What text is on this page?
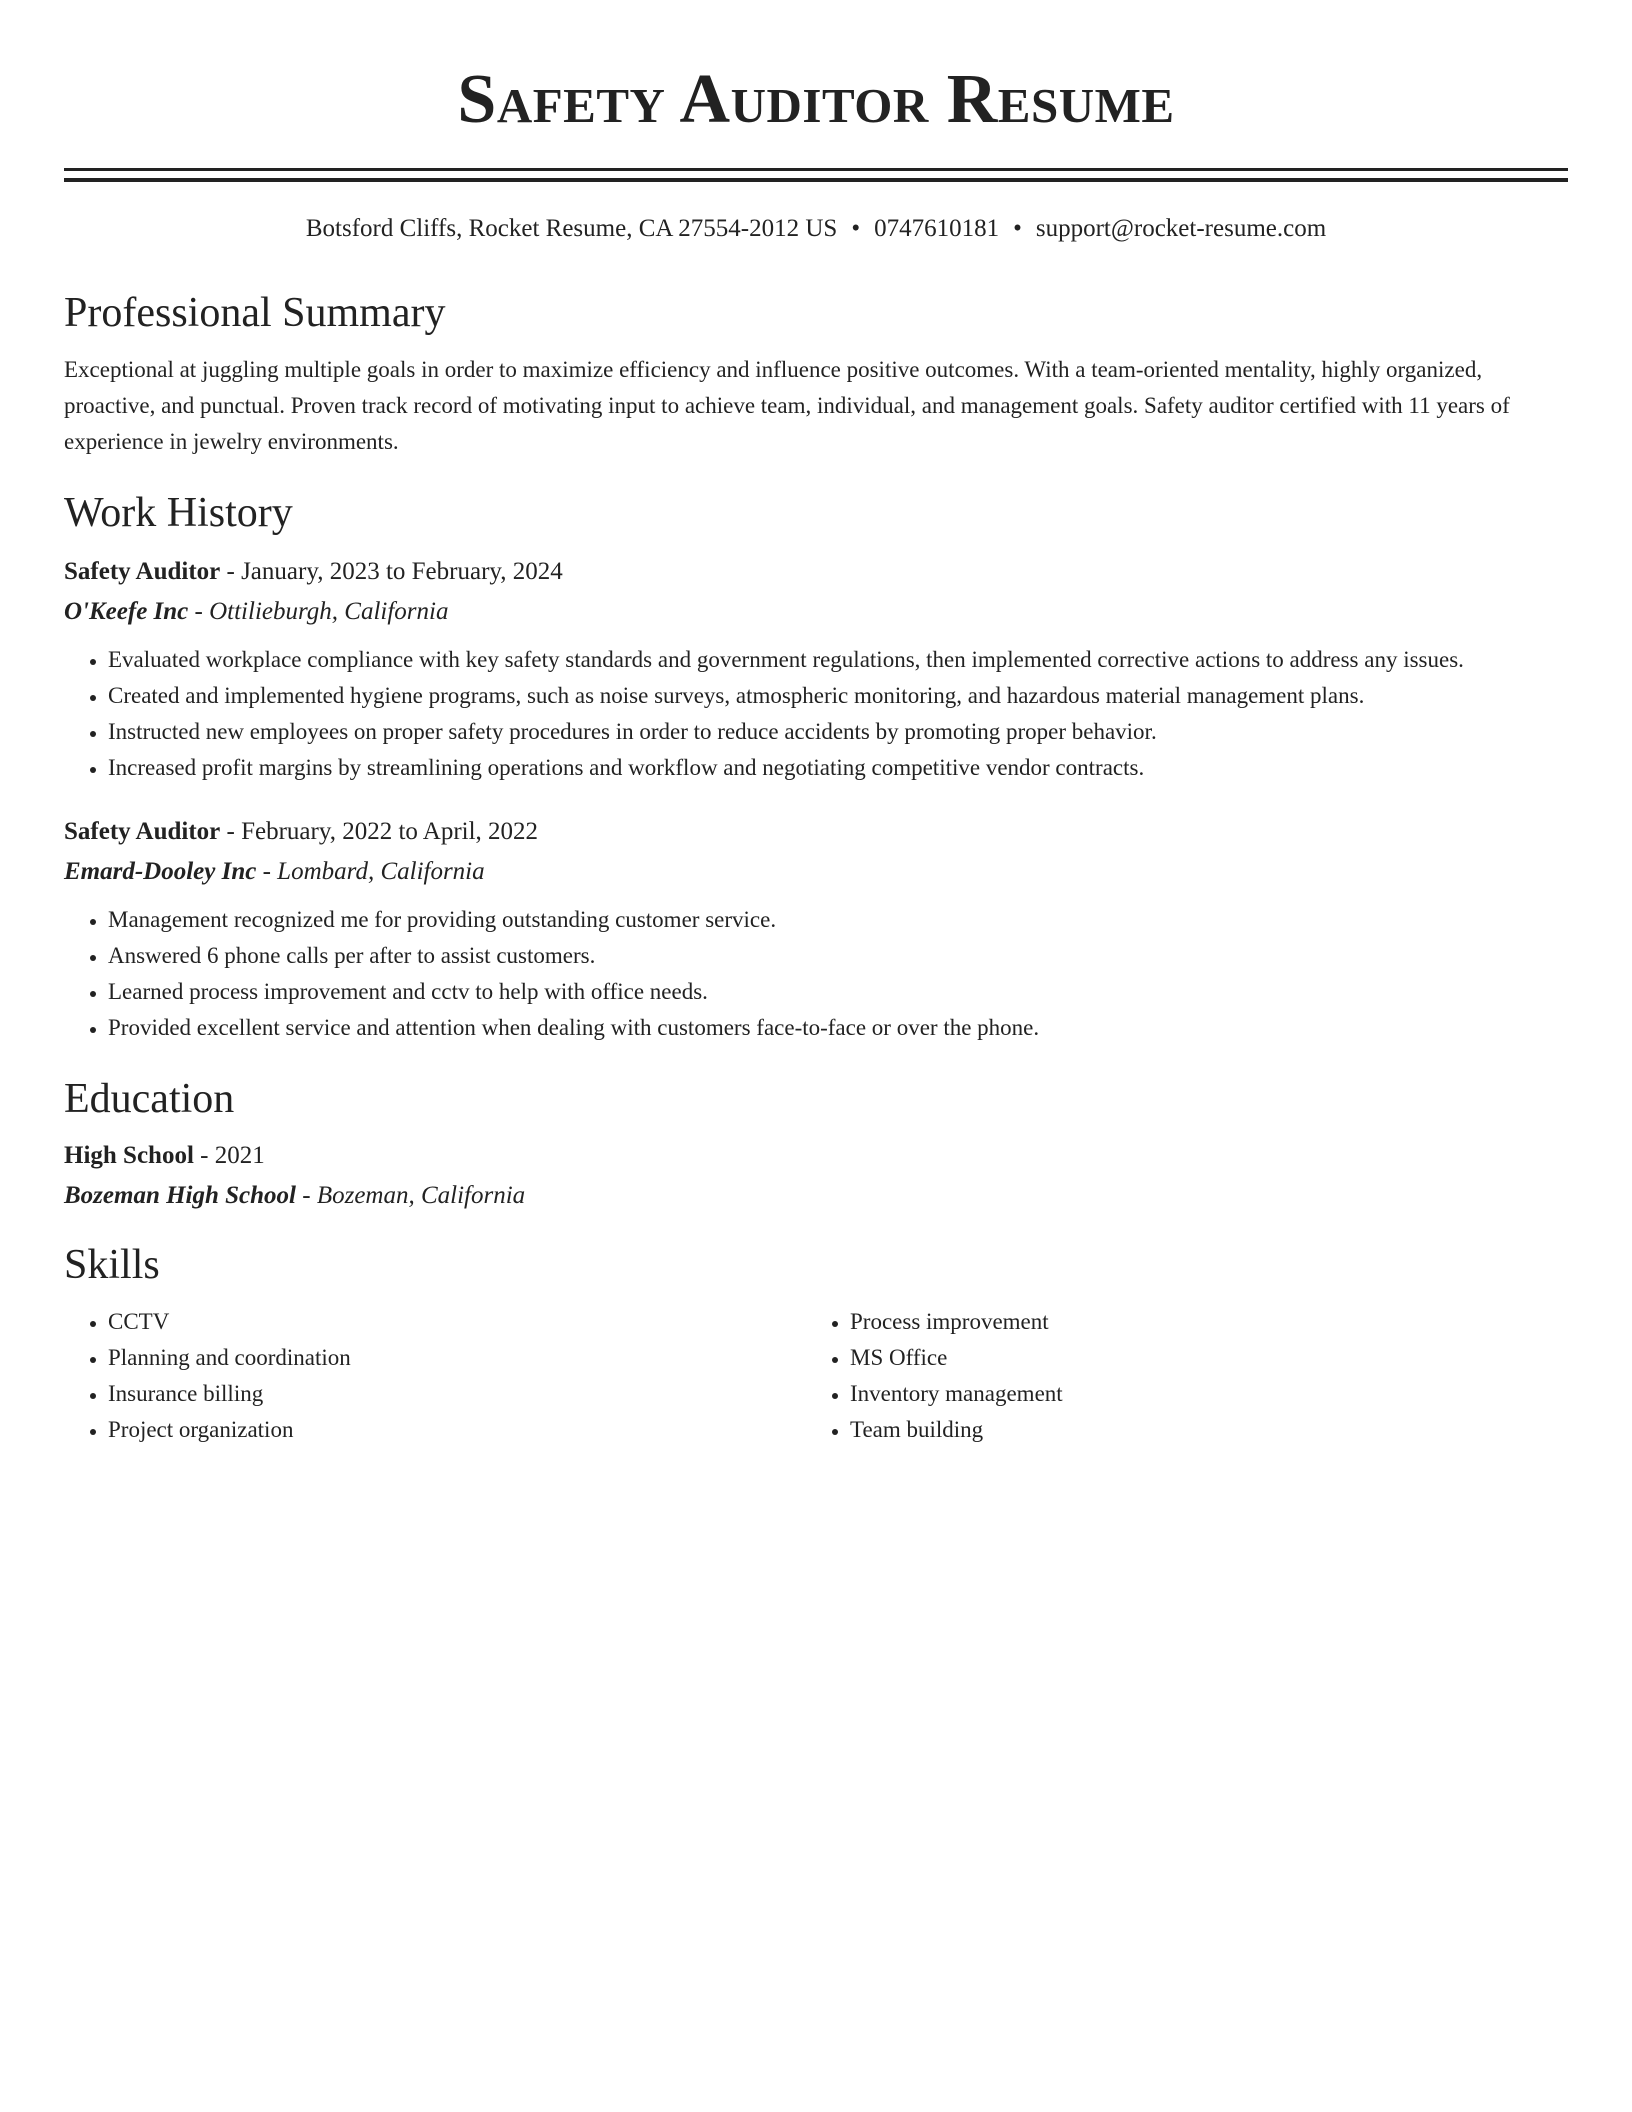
Safety Auditor Resume
Botsford Cliffs, Rocket Resume, CA 27554-2012 US • 0747610181 • support@rocket-resume.com
Professional Summary
Exceptional at juggling multiple goals in order to maximize efficiency and influence positive outcomes. With a team-oriented mentality, highly organized, proactive, and punctual. Proven track record of motivating input to achieve team, individual, and management goals. Safety auditor certified with 11 years of experience in jewelry environments.
Work History
Safety Auditor - January, 2023 to February, 2024
O'Keefe Inc - Ottilieburgh, California
• Evaluated workplace compliance with key safety standards and government regulations, then implemented corrective actions to address any issues.
• Created and implemented hygiene programs, such as noise surveys, atmospheric monitoring, and hazardous material management plans.
• Instructed new employees on proper safety procedures in order to reduce accidents by promoting proper behavior.
• Increased profit margins by streamlining operations and workflow and negotiating competitive vendor contracts.
Safety Auditor - February, 2022 to April, 2022
Emard-Dooley Inc - Lombard, California
• Management recognized me for providing outstanding customer service.
• Answered 6 phone calls per after to assist customers.
• Learned process improvement and cctv to help with office needs.
• Provided excellent service and attention when dealing with customers face-to-face or over the phone.
Education
High School - 2021
Bozeman High School - Bozeman, California
Skills
• CCTV
• Planning and coordination
• Insurance billing
• Project organization
• Process improvement
• MS Office
• Inventory management
• Team building
